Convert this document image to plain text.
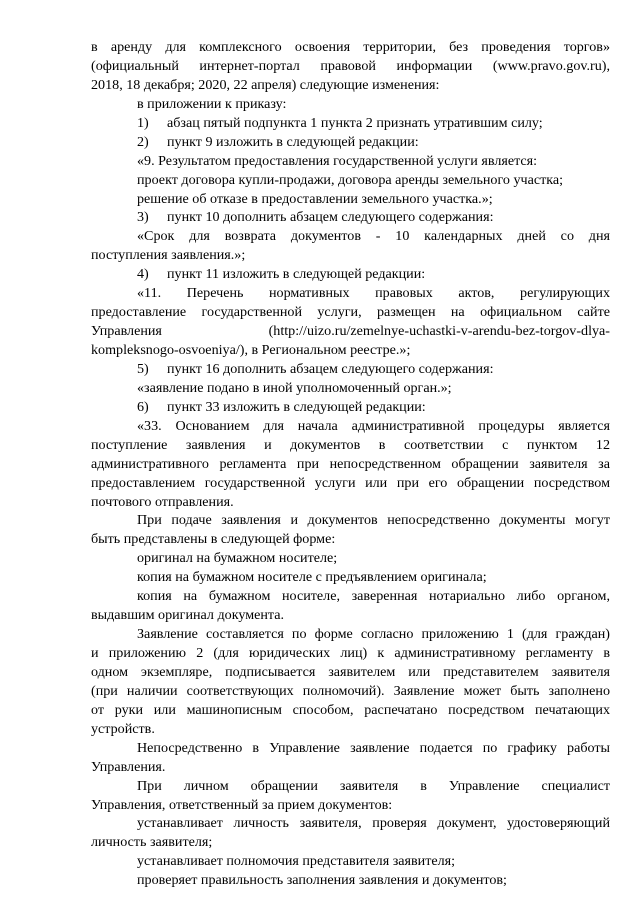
в аренду для комплексного освоения территории, без проведения торгов»
(официальный интернет-портал правовой информации (www.pravo.gov.ru),
2018, 18 декабря; 2020, 22 апреля) следующие изменения:
в приложении к приказу:
1) абзац пятый подпункта 1 пункта 2 признать утратившим силу;
2) пункт 9 изложить в следующей редакции:
«9. Результатом предоставления государственной услуги является:
проект договора купли-продажи, договора аренды земельного участка;
решение об отказе в предоставлении земельного участка.»;
3) пункт 10 дополнить абзацем следующего содержания:
«Срок для возврата документов - 10 календарных дней со дня
поступления заявления.»;
4) пункт 11 изложить в следующей редакции:
«11. Перечень нормативных правовых актов, регулирующих
предоставление государственной услуги, размещен на официальном сайте
Управления (http://uizo.ru/zemelnye-uchastki-v-arendu-bez-torgov-dlya-
kompleksnogo-osvoeniya/), в Региональном реестре.»;
5) пункт 16 дополнить абзацем следующего содержания:
«заявление подано в иной уполномоченный орган.»;
6) пункт 33 изложить в следующей редакции:
«33. Основанием для начала административной процедуры является
поступление заявления и документов в соответствии с пунктом 12
административного регламента при непосредственном обращении заявителя за
предоставлением государственной услуги или при его обращении посредством
почтового отправления.
При подаче заявления и документов непосредственно документы могут
быть представлены в следующей форме:
оригинал на бумажном носителе;
копия на бумажном носителе с предъявлением оригинала;
копия на бумажном носителе, заверенная нотариально либо органом,
выдавшим оригинал документа.
Заявление составляется по форме согласно приложению 1 (для граждан)
и приложению 2 (для юридических лиц) к административному регламенту в
одном экземпляре, подписывается заявителем или представителем заявителя
(при наличии соответствующих полномочий). Заявление может быть заполнено
от руки или машинописным способом, распечатано посредством печатающих
устройств.
Непосредственно в Управление заявление подается по графику работы
Управления.
При личном обращении заявителя в Управление специалист
Управления, ответственный за прием документов:
устанавливает личность заявителя, проверяя документ, удостоверяющий
личность заявителя;
устанавливает полномочия представителя заявителя;
проверяет правильность заполнения заявления и документов;
